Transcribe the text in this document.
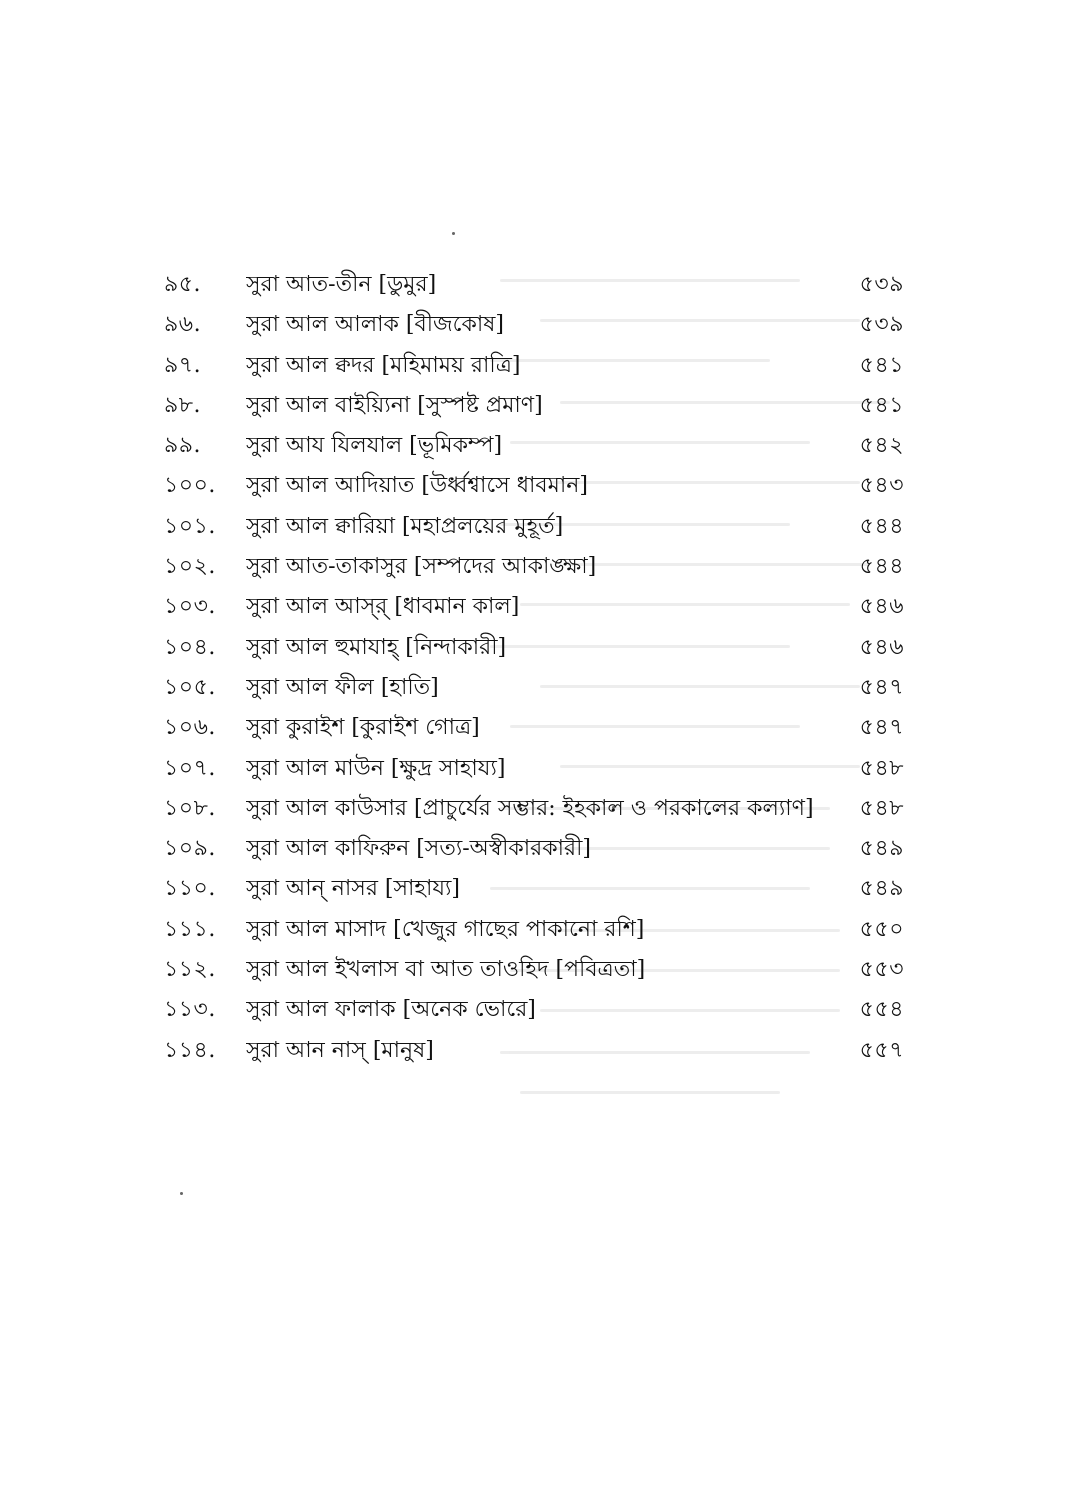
৯৫.	সুরা আত-তীন [ডুমুর]	৫৩৯
৯৬.	সুরা আল আলাক [বীজকোষ]	৫৩৯
৯৭.	সুরা আল ক্বদর [মহিমাময় রাত্রি]	৫৪১
৯৮.	সুরা আল বাইয়্যিনা [সুস্পষ্ট প্রমাণ]	৫৪১
৯৯.	সুরা আয যিলযাল [ভূমিকম্প]	৫৪২
১০০.	সুরা আল আদিয়াত [উর্ধ্বশ্বাসে ধাবমান]	৫৪৩
১০১.	সুরা আল ক্বারিয়া [মহাপ্রলয়ের মুহূর্ত]	৫৪৪
১০২.	সুরা আত-তাকাসুর [সম্পদের আকাঙ্ক্ষা]	৫৪৪
১০৩.	সুরা আল আস্‌র্ [ধাবমান কাল]	৫৪৬
১০৪.	সুরা আল হুমাযাহ্ [নিন্দাকারী]	৫৪৬
১০৫.	সুরা আল ফীল [হাতি]	৫৪৭
১০৬.	সুরা কুরাইশ [কুরাইশ গোত্র]	৫৪৭
১০৭.	সুরা আল মাউন [ক্ষুদ্র সাহায্য]	৫৪৮
১০৮.	সুরা আল কাউসার [প্রাচুর্যের সম্ভার: ইহকাল ও পরকালের কল্যাণ]	৫৪৮
১০৯.	সুরা আল কাফিরুন [সত্য-অস্বীকারকারী]	৫৪৯
১১০.	সুরা আন্ নাসর [সাহায্য]	৫৪৯
১১১.	সুরা আল মাসাদ [খেজুর গাছের পাকানো রশি]	৫৫০
১১২.	সুরা আল ইখলাস বা আত তাওহিদ [পবিত্রতা]	৫৫৩
১১৩.	সুরা আল ফালাক [অনেক ভোরে]	৫৫৪
১১৪.	সুরা আন নাস্ [মানুষ]	৫৫৭
